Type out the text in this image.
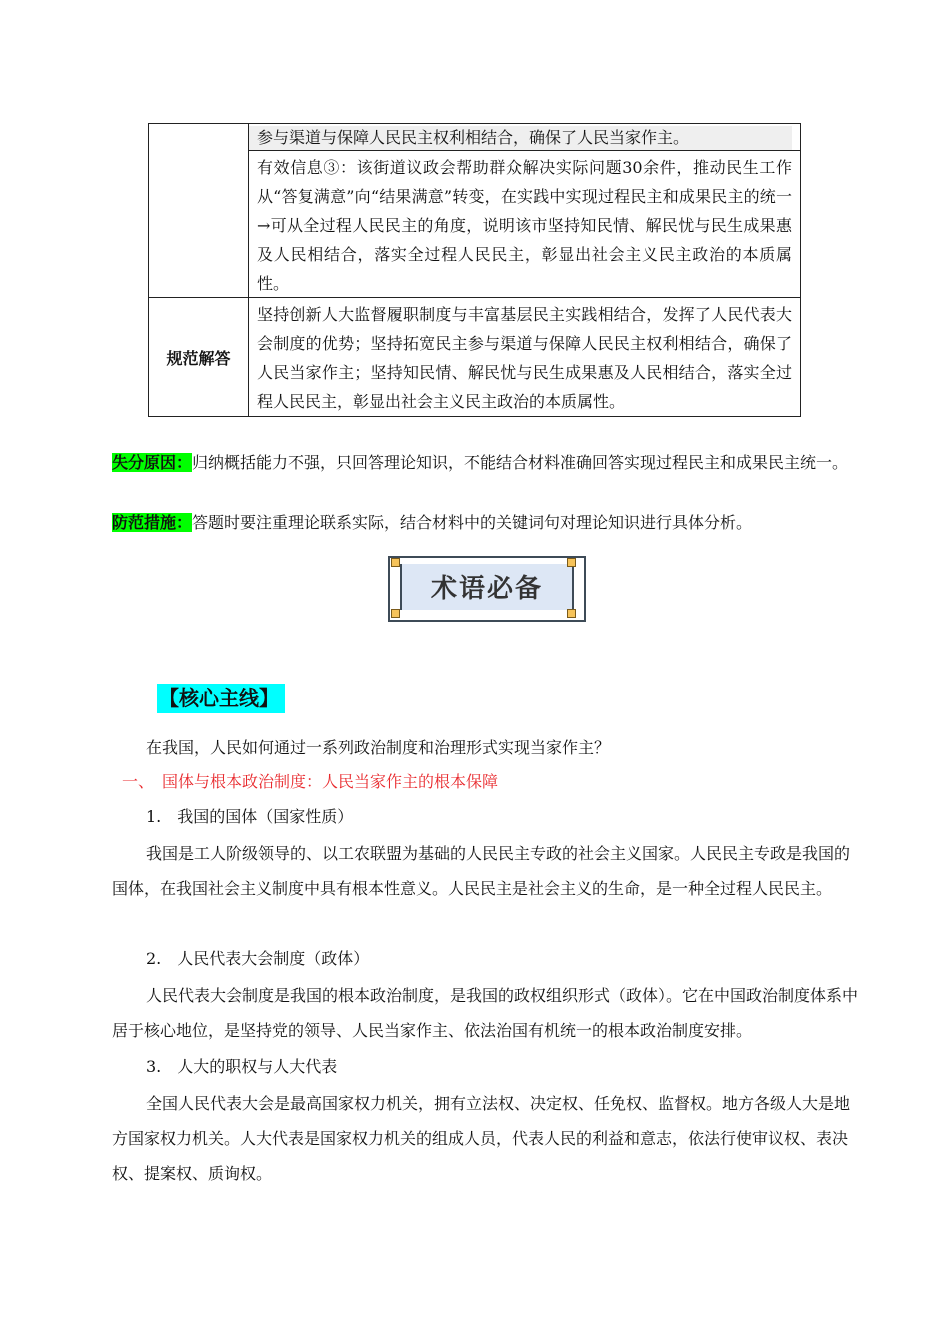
	参与渠道与保障人民民主权利相结合，确保了人民当家作主。

	有效信息③：该街道议政会帮助群众解决实际问题30余件，推动民生工作从“答复满意”向“结果满意”转变，在实践中实现过程民主和成果民主的统一→可从全过程人民民主的角度，说明该市坚持知民情、解民忧与民生成果惠及人民相结合，落实全过程人民民主，彰显出社会主义民主政治的本质属性。

规范解答	坚持创新人大监督履职制度与丰富基层民主实践相结合，发挥了人民代表大会制度的优势；坚持拓宽民主参与渠道与保障人民民主权利相结合，确保了人民当家作主；坚持知民情、解民忧与民生成果惠及人民相结合，落实全过程人民民主，彰显出社会主义民主政治的本质属性。
失分原因：归纳概括能力不强，只回答理论知识，不能结合材料准确回答实现过程民主和成果民主统一。
防范措施：答题时要注重理论联系实际，结合材料中的关键词句对理论知识进行具体分析。
术语必备
【核心主线】
在我国，人民如何通过一系列政治制度和治理形式实现当家作主？
一、　国体与根本政治制度：人民当家作主的根本保障
1.　我国的国体（国家性质）
我国是工人阶级领导的、以工农联盟为基础的人民民主专政的社会主义国家。人民民主专政是我国的国体，在我国社会主义制度中具有根本性意义。人民民主是社会主义的生命，是一种全过程人民民主。
2.　人民代表大会制度（政体）
人民代表大会制度是我国的根本政治制度，是我国的政权组织形式（政体）。它在中国政治制度体系中居于核心地位，是坚持党的领导、人民当家作主、依法治国有机统一的根本政治制度安排。
3.　人大的职权与人大代表
全国人民代表大会是最高国家权力机关，拥有立法权、决定权、任免权、监督权。地方各级人大是地方国家权力机关。人大代表是国家权力机关的组成人员，代表人民的利益和意志，依法行使审议权、表决权、提案权、质询权。
